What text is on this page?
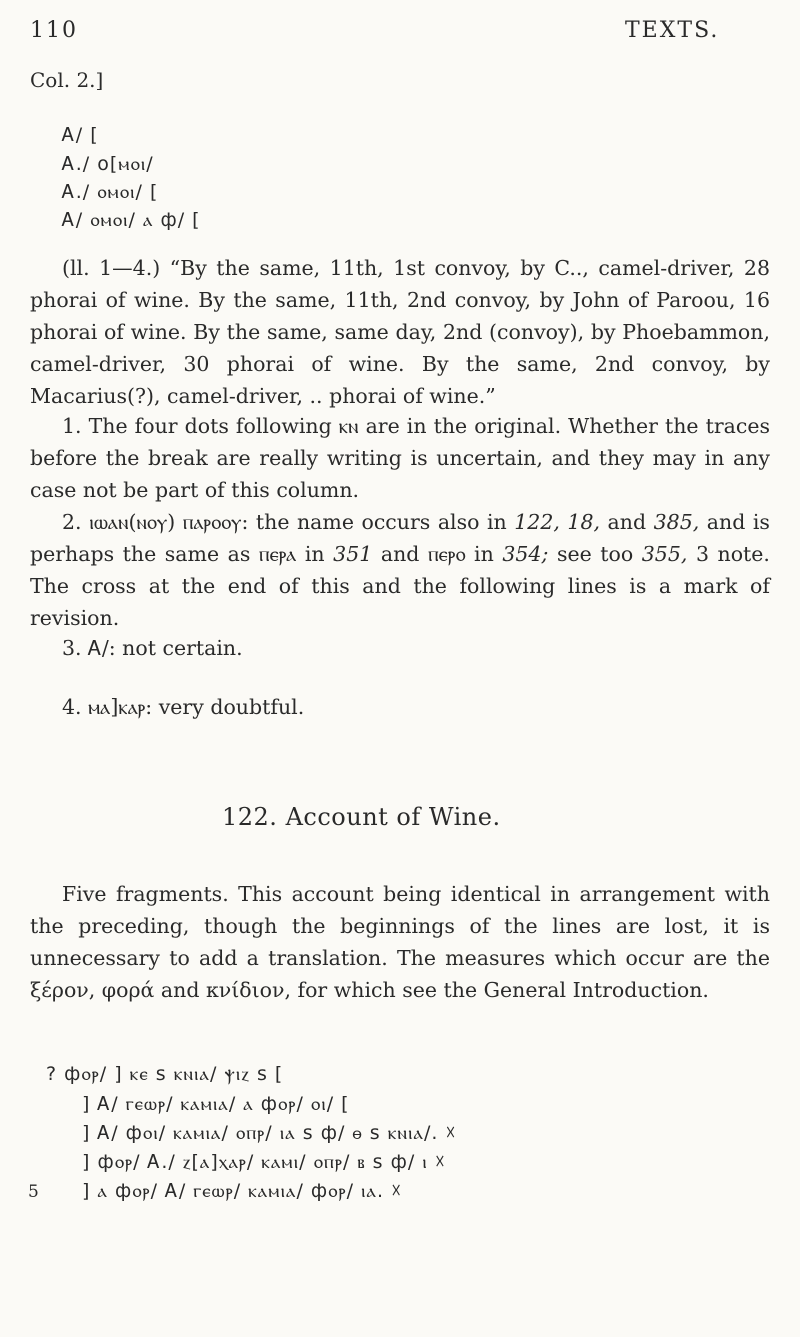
110	TEXTS.
Col. 2.]
Ꭺ/ [
Ꭺ./ o[ⲙⲟⲓ/
Ꭺ./ ⲟⲙⲟⲓ/ [
Ꭺ/ ⲟⲙⲟⲓ/ ⲁ ф/ [
(ll. 1—4.) “By the same, 11th, 1st convoy, by C.., camel-driver, 28 phorai of wine. By the same, 11th, 2nd convoy, by John of Paroou, 16 phorai of wine. By the same, same day, 2nd (convoy), by Phoebammon, camel-driver, 30 phorai of wine. By the same, 2nd convoy, by Macarius(?), camel-driver, .. phorai of wine.”
1. The four dots following ⲕⲛ are in the original. Whether the traces before the break are really writing is uncertain, and they may in any case not be part of this column.
2. ⲓⲱⲁⲛ(ⲛⲟⲩ) ⲡⲁⲣⲟⲟⲩ: the name occurs also in 122, 18, and 385, and is perhaps the same as ⲡⲉⲣⲁ in 351 and ⲡⲉⲣⲟ in 354; see too 355, 3 note. The cross at the end of this and the following lines is a mark of revision.
3. Ꭺ/: not certain.
4. ⲙⲁ]ⲕⲁⲣ: very doubtful.
122. Account of Wine.
Five fragments. This account being identical in arrangement with the preceding, though the beginnings of the lines are lost, it is unnecessary to add a translation. The measures which occur are the ξέρον, φορά and κνίδιον, for which see the General Introduction.
? фⲟⲣ/ ] ⲕⲉ ѕ ⲕⲛⲓⲁ/ ⲯⲓⲍ ѕ [
] Ꭺ/ ⲅⲉⲱⲣ/ ⲕⲁⲙⲓⲁ/ ⲁ фⲟⲣ/ ⲟⲓ/ [
] Ꭺ/ фⲟⲓ/ ⲕⲁⲙⲓⲁ/ ⲟⲡⲣ/ ⲓⲁ ѕ ф/ ⲑ ѕ ⲕⲛⲓⲁ/. ☓
] фⲟⲣ/ Ꭺ./ ⲍ[ⲁ]ⲭⲁⲣ/ ⲕⲁⲙⲓ/ ⲟⲡⲣ/ ⲃ ѕ ф/ ⲓ ☓
5 ] ⲁ фⲟⲣ/ Ꭺ/ ⲅⲉⲱⲣ/ ⲕⲁⲙⲓⲁ/ фⲟⲣ/ ⲓⲁ. ☓
